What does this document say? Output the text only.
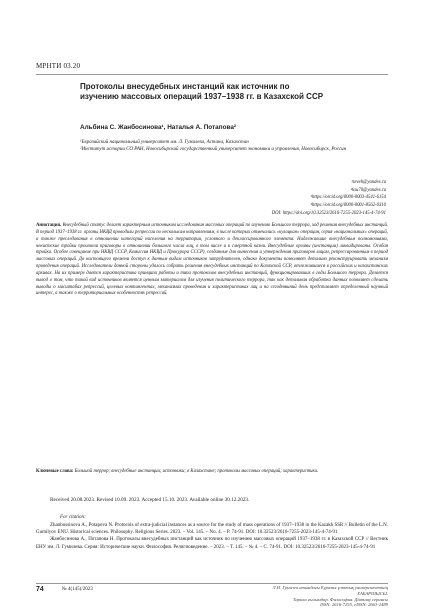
МРНТИ 03.20
Протоколы внесудебных инстанций как источник по
изучению массовых операций 1937–1938 гг. в Казахской ССР
Альбина С. Жанбосинова¹, Наталья А. Потапова²
¹Евразийский национальный университет им. Л. Гумилева, Астана, Казахстан
²Институт истории СО РАН, Новосибирский государственный университет экономики и управления, Новосибирск, Россия
¹zeveh@yandex.ru
²ksu70@yandex.ru
¹https://orcid.org/0000-0003-4541-6154
²https://orcid.org/0000-0001-8562-0310
DOI: https://doi.org/10.32523/2616-7255-2023-145-4-74-91
Аннотация. Внесудебный статус делает характерным источником исследования массовых операций по изучению Большого террора, ход решения внесудебных инстанций. В период 1937–1938 гг. органы НКВД проводили репрессии по нескольким направлениям, в числе которых отмечались «кулацкая» операция, серия «национальных» операций, а также преследования в отношении категорий населения на территории, условного и деклассированного элемента. Надлежавшие внесудебным полномочиями, чекистские тройки произвели приговоры в отношении большого числа лиц, в том числе и к смертной казни. Внесудебные органы (инстанции) ликвидированы. Особая тройка. Особое совещание при НКВД СССР, Комиссия НКВД и Прокурора СССР), созданные для вынесения и утверждения приговоров лицам, репрессированным в период массовых операций. До настоящего времени доступ к данным видам источников затруднителен, однако документы позволяют детально реконструировать механизм проведения операций. Исследователи данной стороны удалось собрать решения внесудебных инстанций по Казахской ССР, отложившиеся в российских и казахстанских архивах. На их примере дается характеристика принципа работы и типа протоколов внесудебных инстанций, функционировавших в годы Большого террора. Делается вывод о том, что такой вид источников является ценным материалом для изучения политического террора, так как детальная обработка данных позволяет сделать выводы о масштабах репрессий, целевых контингентах, механизмах проведения и характеристиках лиц и на сегодняшний день представляет определенный научный интерес, а также о территориальных особенностях репрессий.
Ключевые слова: Большой террор; внесудебные инстанции; источники; в Казахстане; протоколы массовых операций; характеристика.
Received 20.08.2023. Revised 10.09. 2023. Accepted 15.10. 2023. Available online 30.12.2023.
For citation:

Zhanbossinova A., Potapova N. Protocols of extra-judicial instances as a source for the study of mass operations of 1937–1938 in the Kazakh SSR // Bulletin of the L.N. Gumilyov ENU. Historical sciences. Philosophy. Religious Series. 2023. – Vol. 145. – No. 4. – P. 74-91. DOI: 10.32523/2616-7255-2023-145-4-74-91

Жанбосинова А., Потапова Н. Протоколы внесудебных инстанций как источник по изучению массовых операций 1937–1938 гг. в Казахской ССР // Вестник ЕНУ им. Л. Гумилева. Серия: Исторические науки. Философия. Религиоведение. – 2023. – Т. 145. – № 4. – С. 74-91. DOI: 10.32523/2616-7255-2023-145-4-74-91

74	№ 4(145)/2023	Л.Н. Гумилев атындағы Еуразия ұлттық университетінің ХАБАРШЫСЫ.
Тарихи ғылымдар. Философия. Дінтану сериясы
ISSN: 2616-7255, eISSN: 2663-2489
